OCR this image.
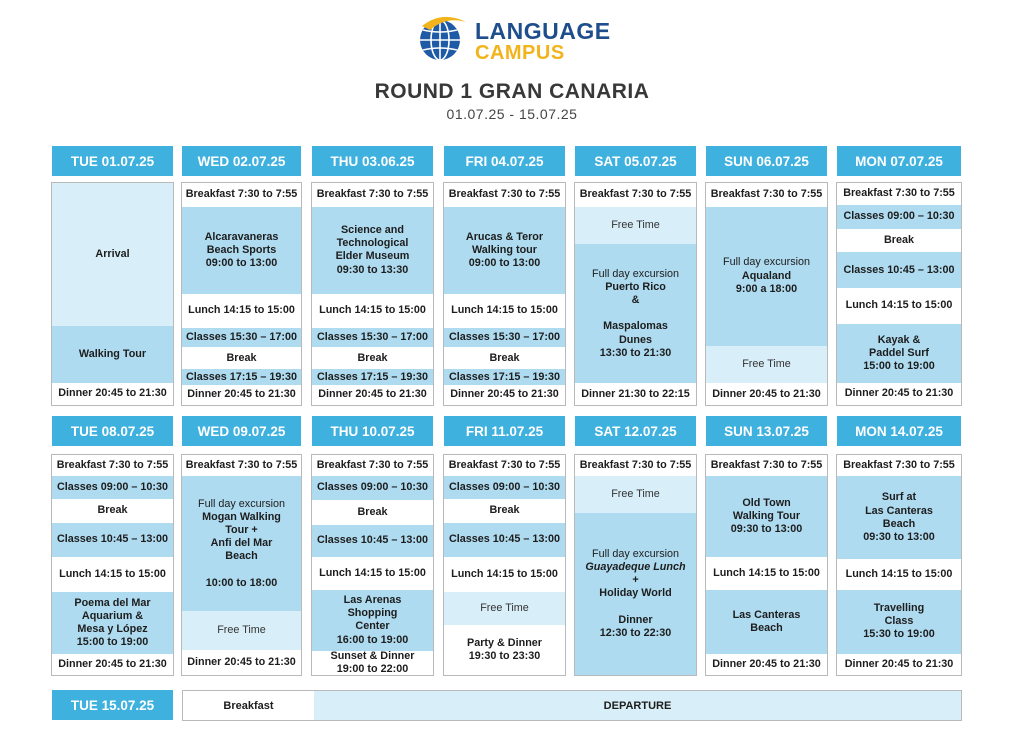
LANGUAGE
CAMPUS
ROUND 1 GRAN CANARIA
01.07.25 - 15.07.25
TUE 01.07.25
Arrival
Walking Tour
Dinner 20:45 to 21:30
WED 02.07.25
Breakfast 7:30 to 7:55
Alcaravaneras
Beach Sports
09:00 to 13:00
Lunch 14:15 to 15:00
Classes 15:30 – 17:00
Break
Classes 17:15 – 19:30
Dinner 20:45 to 21:30
THU 03.06.25
Breakfast 7:30 to 7:55
Science and
Technological
Elder Museum
09:30 to 13:30
Lunch 14:15 to 15:00
Classes 15:30 – 17:00
Break
Classes 17:15 – 19:30
Dinner 20:45 to 21:30
FRI 04.07.25
Breakfast 7:30 to 7:55
Arucas & Teror
Walking tour
09:00 to 13:00
Lunch 14:15 to 15:00
Classes 15:30 – 17:00
Break
Classes 17:15 – 19:30
Dinner 20:45 to 21:30
SAT 05.07.25
Breakfast 7:30 to 7:55
Free Time
Full day excursion
Puerto Rico
&

Maspalomas
Dunes
13:30 to 21:30
Dinner 21:30 to 22:15
SUN 06.07.25
Breakfast 7:30 to 7:55
Full day excursion
Aqualand
9:00 a 18:00
Free Time
Dinner 20:45 to 21:30
MON 07.07.25
Breakfast 7:30 to 7:55
Classes 09:00 – 10:30
Break
Classes 10:45 – 13:00
Lunch 14:15 to 15:00
Kayak &
Paddel Surf
15:00 to 19:00
Dinner 20:45 to 21:30
TUE 08.07.25
Breakfast 7:30 to 7:55
Classes 09:00 – 10:30
Break
Classes 10:45 – 13:00
Lunch 14:15 to 15:00
Poema del Mar
Aquarium &
Mesa y López
15:00 to 19:00
Dinner 20:45 to 21:30
WED 09.07.25
Breakfast 7:30 to 7:55
Full day excursion
Mogan Walking
Tour +
Anfi del Mar
Beach

10:00 to 18:00
Free Time
Dinner 20:45 to 21:30
THU 10.07.25
Breakfast 7:30 to 7:55
Classes 09:00 – 10:30
Break
Classes 10:45 – 13:00
Lunch 14:15 to 15:00
Las Arenas
Shopping
Center
16:00 to 19:00
Sunset & Dinner
19:00 to 22:00
FRI 11.07.25
Breakfast 7:30 to 7:55
Classes 09:00 – 10:30
Break
Classes 10:45 – 13:00
Lunch 14:15 to 15:00
Free Time
Party & Dinner
19:30 to 23:30
SAT 12.07.25
Breakfast 7:30 to 7:55
Free Time
Full day excursion
Guayadeque Lunch
+
Holiday World

Dinner
12:30 to 22:30
SUN 13.07.25
Breakfast 7:30 to 7:55
Old Town
Walking Tour
09:30 to 13:00
Lunch 14:15 to 15:00
Las Canteras
Beach
Dinner 20:45 to 21:30
MON 14.07.25
Breakfast 7:30 to 7:55
Surf at
Las Canteras
Beach
09:30 to 13:00
Lunch 14:15 to 15:00
Travelling
Class
15:30 to 19:00
Dinner 20:45 to 21:30
TUE 15.07.25	Breakfast	DEPARTURE
